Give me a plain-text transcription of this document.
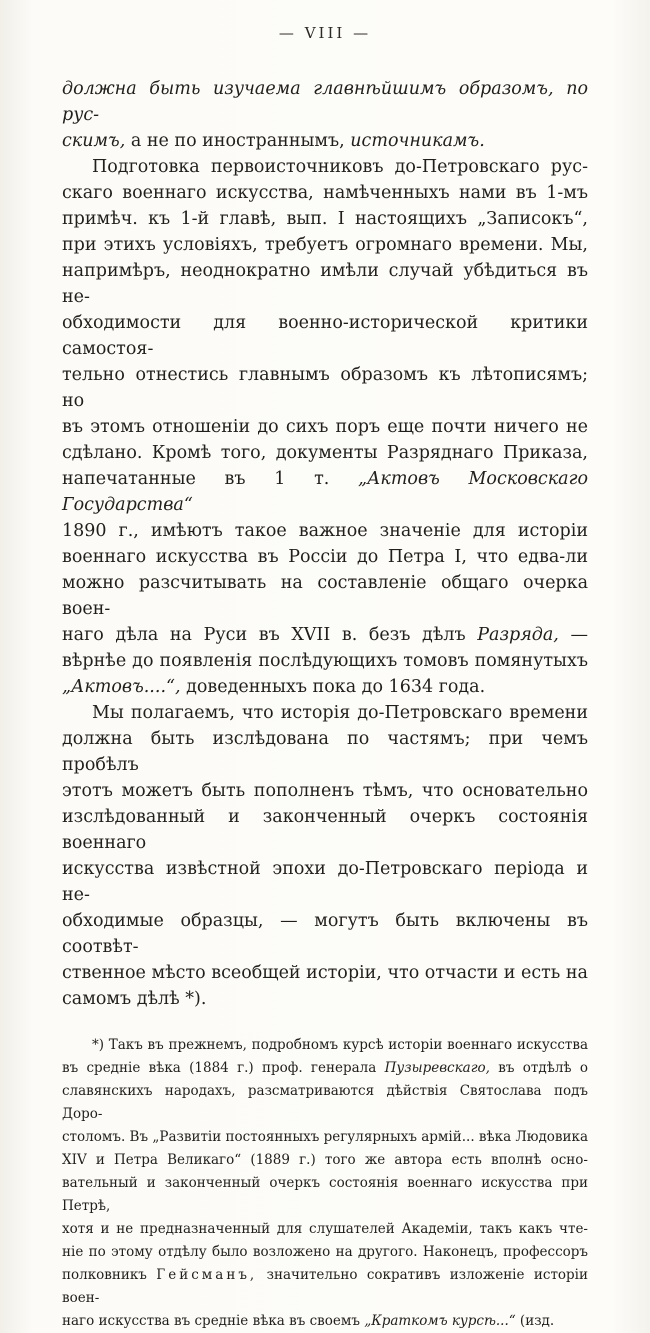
— VIII —
должна быть изучаема главнѣйшимъ образомъ, по рус-
скимъ, а не по иностраннымъ, источникамъ.
Подготовка первоисточниковъ до-Петровскаго рус-
скаго военнаго искусства, намѣченныхъ нами въ 1-мъ
примѣч. къ 1-й главѣ, вып. I настоящихъ „Записокъ“,
при этихъ условіяхъ, требуетъ огромнаго времени. Мы,
напримѣръ, неоднократно имѣли случай убѣдиться въ не-
обходимости для военно-исторической критики самостоя-
тельно отнестись главнымъ образомъ къ лѣтописямъ; но
въ этомъ отношеніи до сихъ поръ еще почти ничего не
сдѣлано. Кромѣ того, документы Разряднаго Приказа,
напечатанные въ 1 т. „Актовъ Московскаго Государства“
1890 г., имѣютъ такое важное значеніе для исторіи
военнаго искусства въ Россіи до Петра I, что едва-ли
можно разсчитывать на составленіе общаго очерка воен-
наго дѣла на Руси въ XVII в. безъ дѣлъ Разряда, —
вѣрнѣе до появленія послѣдующихъ томовъ помянутыхъ
„Актовъ....“, доведенныхъ пока до 1634 года.
Мы полагаемъ, что исторія до-Петровскаго времени
должна быть изслѣдована по частямъ; при чемъ пробѣлъ
этотъ можетъ быть пополненъ тѣмъ, что основательно
изслѣдованный и законченный очеркъ состоянія военнаго
искусства извѣстной эпохи до-Петровскаго періода и не-
обходимые образцы, — могутъ быть включены въ соотвѣт-
ственное мѣсто всеобщей исторіи, что отчасти и есть на
самомъ дѣлѣ *).
*) Такъ въ прежнемъ, подробномъ курсѣ исторіи военнаго искусства
въ средніе вѣка (1884 г.) проф. генерала Пузыревскаго, въ отдѣлѣ о
славянскихъ народахъ, разсматриваются дѣйствія Святослава подъ Доро-
столомъ. Въ „Развитіи постоянныхъ регулярныхъ армій... вѣка Людовика
XIV и Петра Великаго“ (1889 г.) того же автора есть вполнѣ осно-
вательный и законченный очеркъ состоянія военнаго искусства при Петрѣ,
хотя и не предназначенный для слушателей Академіи, такъ какъ чте-
ніе по этому отдѣлу было возложено на другого. Наконецъ, профессоръ
полковникъ Гейсманъ, значительно сокративъ изложеніе исторіи воен-
наго искусства въ средніе вѣка въ своемъ „Краткомъ курсѣ...“ (изд.
